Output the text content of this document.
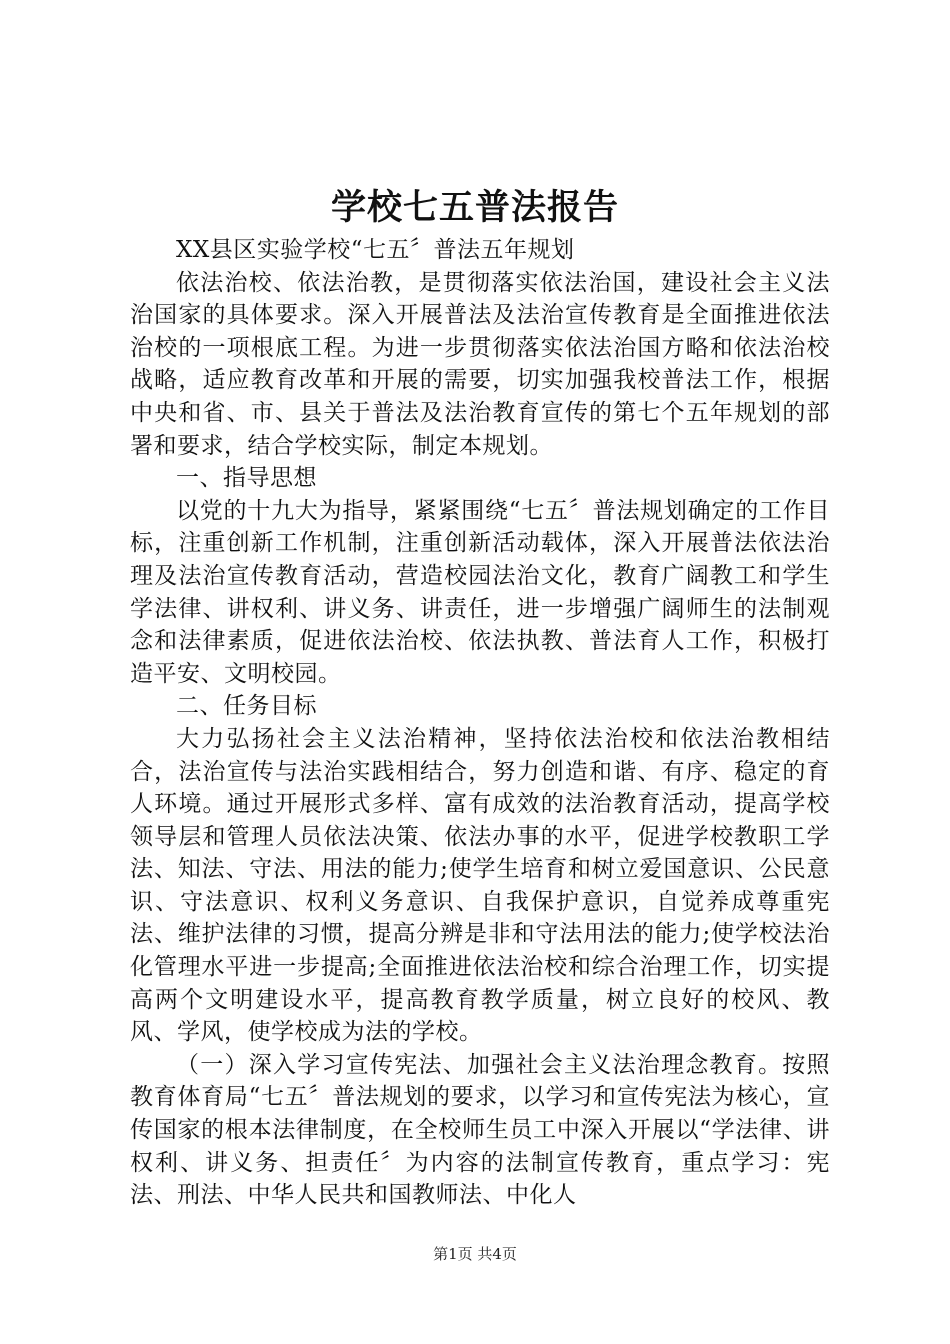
学校七五普法报告

XX县区实验学校“七五〞普法五年规划

依法治校、依法治教，是贯彻落实依法治国，建设社会主义法治国家的具体要求。深入开展普法及法治宣传教育是全面推进依法治校的一项根底工程。为进一步贯彻落实依法治国方略和依法治校战略，适应教育改革和开展的需要，切实加强我校普法工作，根据中央和省、市、县关于普法及法治教育宣传的第七个五年规划的部署和要求，结合学校实际，制定本规划。

一、指导思想

以党的十九大为指导，紧紧围绕“七五〞普法规划确定的工作目标，注重创新工作机制，注重创新活动载体，深入开展普法依法治理及法治宣传教育活动，营造校园法治文化，教育广阔教工和学生学法律、讲权利、讲义务、讲责任，进一步增强广阔师生的法制观念和法律素质，促进依法治校、依法执教、普法育人工作，积极打造平安、文明校园。

二、任务目标

大力弘扬社会主义法治精神，坚持依法治校和依法治教相结合，法治宣传与法治实践相结合，努力创造和谐、有序、稳定的育人环境。通过开展形式多样、富有成效的法治教育活动，提高学校领导层和管理人员依法决策、依法办事的水平，促进学校教职工学法、知法、守法、用法的能力;使学生培育和树立爱国意识、公民意识、守法意识、权利义务意识、自我保护意识，自觉养成尊重宪法、维护法律的习惯，提高分辨是非和守法用法的能力;使学校法治化管理水平进一步提高;全面推进依法治校和综合治理工作，切实提高两个文明建设水平，提高教育教学质量，树立良好的校风、教风、学风，使学校成为法的学校。

（一）深入学习宣传宪法、加强社会主义法治理念教育。按照教育体育局“七五〞普法规划的要求，以学习和宣传宪法为核心，宣传国家的根本法律制度，在全校师生员工中深入开展以“学法律、讲权利、讲义务、担责任〞为内容的法制宣传教育，重点学习：宪法、刑法、中华人民共和国教师法、中化人

第1页 共4页
